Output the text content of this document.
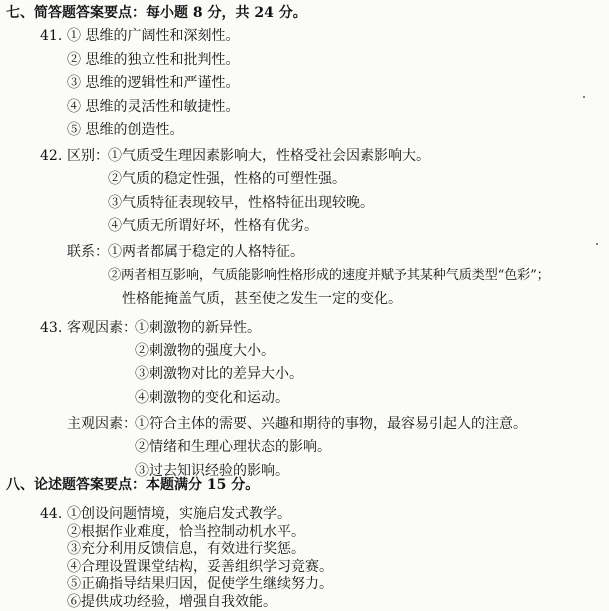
七、简答题答案要点：每小题 8 分，共 24 分。
41. ① 思维的广阔性和深刻性。
② 思维的独立性和批判性。
③ 思维的逻辑性和严谨性。
④ 思维的灵活性和敏捷性。
⑤ 思维的创造性。
42. 区别： ①气质受生理因素影响大，性格受社会因素影响大。
②气质的稳定性强，性格的可塑性强。
③气质特征表现较早，性格特征出现较晚。
④气质无所谓好坏，性格有优劣。
联系： ①两者都属于稳定的人格特征。
②两者相互影响，气质能影响性格形成的速度并赋予其某种气质类型“色彩”；
性格能掩盖气质，甚至使之发生一定的变化。
43. 客观因素：
①刺激物的新异性。
②刺激物的强度大小。
③刺激物对比的差异大小。
④刺激物的变化和运动。
主观因素：
①符合主体的需要、兴趣和期待的事物，最容易引起人的注意。
②情绪和生理心理状态的影响。
③过去知识经验的影响。
八、论述题答案要点：本题满分 15 分。
44. ①创设问题情境，实施启发式教学。
②根据作业难度，恰当控制动机水平。
③充分利用反馈信息，有效进行奖惩。
④合理设置课堂结构，妥善组织学习竞赛。
⑤正确指导结果归因，促使学生继续努力。
⑥提供成功经验，增强自我效能。
